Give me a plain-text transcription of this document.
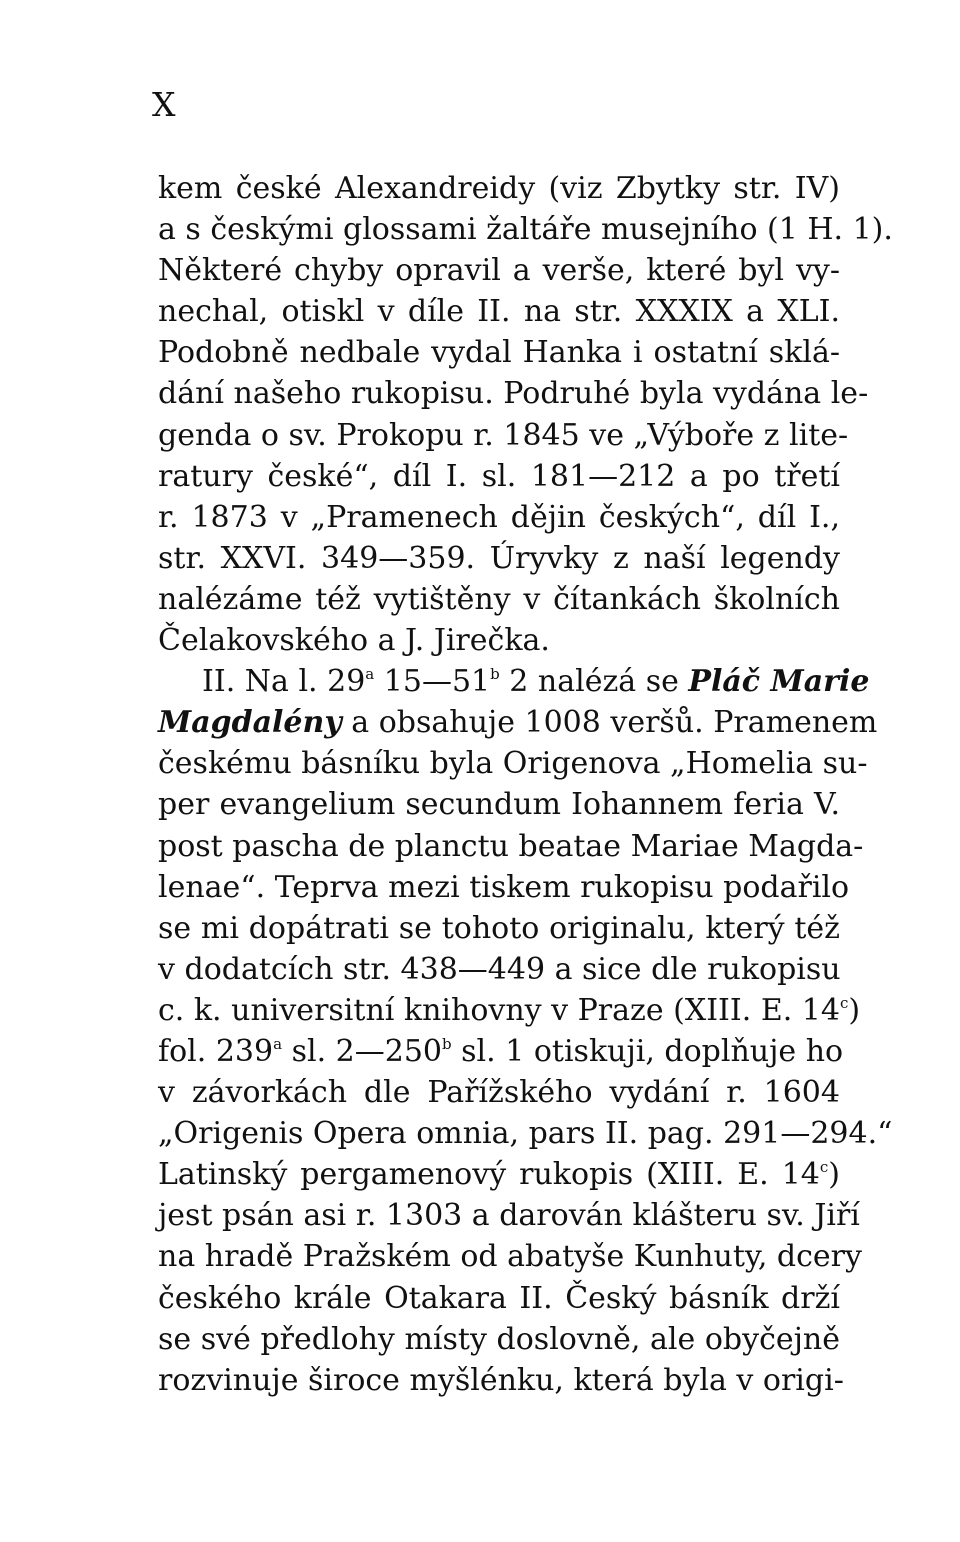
X
kem české Alexandreidy (viz Zbytky str. IV)
a s českými glossami žaltáře musejního (1 H. 1).
Některé chyby opravil a verše, které byl vy-
nechal, otiskl v díle II. na str. XXXIX a XLI.
Podobně nedbale vydal Hanka i ostatní sklá-
dání našeho rukopisu. Podruhé byla vydána le-
genda o sv. Prokopu r. 1845 ve „Výboře z lite-
ratury české“, díl I. sl. 181—212 a po třetí
r. 1873 v „Pramenech dějin českých“, díl I.,
str. XXVI. 349—359. Úryvky z naší legendy
nalézáme též vytištěny v čítankách školních
Čelakovského a J. Jirečka.
II. Na l. 29$^a$ 15—51$^b$ 2 nalézá se Pláč Marie
Magdalény a obsahuje 1008 veršů. Pramenem
českému básníku byla Origenova „Homelia su-
per evangelium secundum Iohannem feria V.
post pascha de planctu beatae Mariae Magda-
lenae“. Teprva mezi tiskem rukopisu podařilo
se mi dopátrati se tohoto originalu, který též
v dodatcích str. 438—449 a sice dle rukopisu
c. k. universitní knihovny v Praze (XIII. E. 14$^c$)
fol. 239$^a$ sl. 2—250$^b$ sl. 1 otiskuji, doplňuje ho
v závorkách dle Pařížského vydání r. 1604
„Origenis Opera omnia, pars II. pag. 291—294.“
Latinský pergamenový rukopis (XIII. E. 14$^c$)
jest psán asi r. 1303 a darován klášteru sv. Jiří
na hradě Pražském od abatyše Kunhuty, dcery
českého krále Otakara II. Český básník drží
se své předlohy místy doslovně, ale obyčejně
rozvinuje široce myšlénku, která byla v origi-
